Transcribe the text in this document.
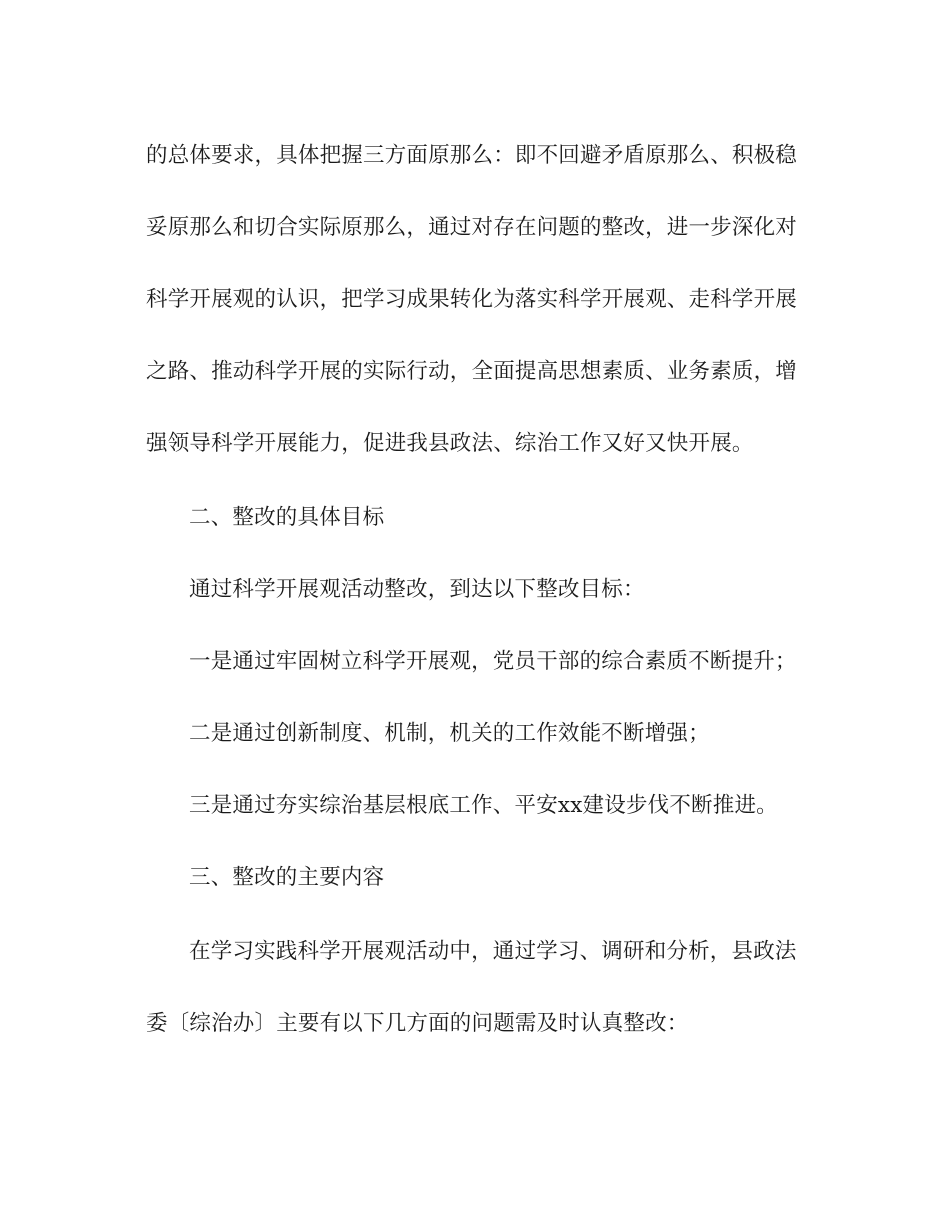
的总体要求，具体把握三方面原那么：即不回避矛盾原那么、积极稳
妥原那么和切合实际原那么，通过对存在问题的整改，进一步深化对
科学开展观的认识，把学习成果转化为落实科学开展观、走科学开展
之路、推动科学开展的实际行动，全面提高思想素质、业务素质，增
强领导科学开展能力，促进我县政法、综治工作又好又快开展。
二、整改的具体目标
通过科学开展观活动整改，到达以下整改目标：
一是通过牢固树立科学开展观，党员干部的综合素质不断提升；
二是通过创新制度、机制，机关的工作效能不断增强；
三是通过夯实综治基层根底工作、平安xx建设步伐不断推进。
三、整改的主要内容
在学习实践科学开展观活动中，通过学习、调研和分析，县政法
委〔综治办〕主要有以下几方面的问题需及时认真整改：
